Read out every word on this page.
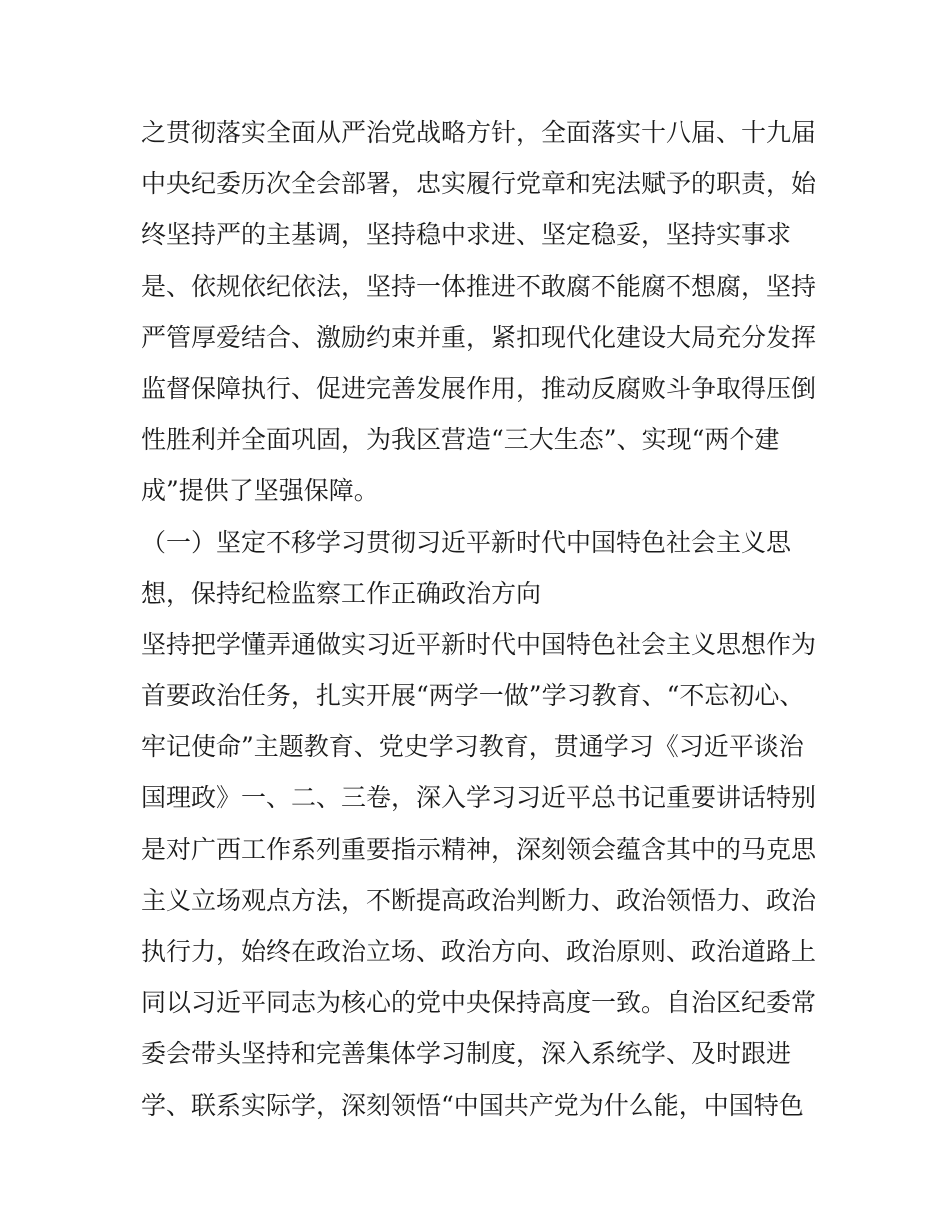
之贯彻落实全面从严治党战略方针，全面落实十八届、十九届
中央纪委历次全会部署，忠实履行党章和宪法赋予的职责，始
终坚持严的主基调，坚持稳中求进、坚定稳妥，坚持实事求
是、依规依纪依法，坚持一体推进不敢腐不能腐不想腐，坚持
严管厚爱结合、激励约束并重，紧扣现代化建设大局充分发挥
监督保障执行、促进完善发展作用，推动反腐败斗争取得压倒
性胜利并全面巩固，为我区营造“三大生态”、实现“两个建
成”提供了坚强保障。
（一）坚定不移学习贯彻习近平新时代中国特色社会主义思
想，保持纪检监察工作正确政治方向
坚持把学懂弄通做实习近平新时代中国特色社会主义思想作为
首要政治任务，扎实开展“两学一做”学习教育、“不忘初心、
牢记使命”主题教育、党史学习教育，贯通学习《习近平谈治
国理政》一、二、三卷，深入学习习近平总书记重要讲话特别
是对广西工作系列重要指示精神，深刻领会蕴含其中的马克思
主义立场观点方法，不断提高政治判断力、政治领悟力、政治
执行力，始终在政治立场、政治方向、政治原则、政治道路上
同以习近平同志为核心的党中央保持高度一致。自治区纪委常
委会带头坚持和完善集体学习制度，深入系统学、及时跟进
学、联系实际学，深刻领悟“中国共产党为什么能，中国特色
